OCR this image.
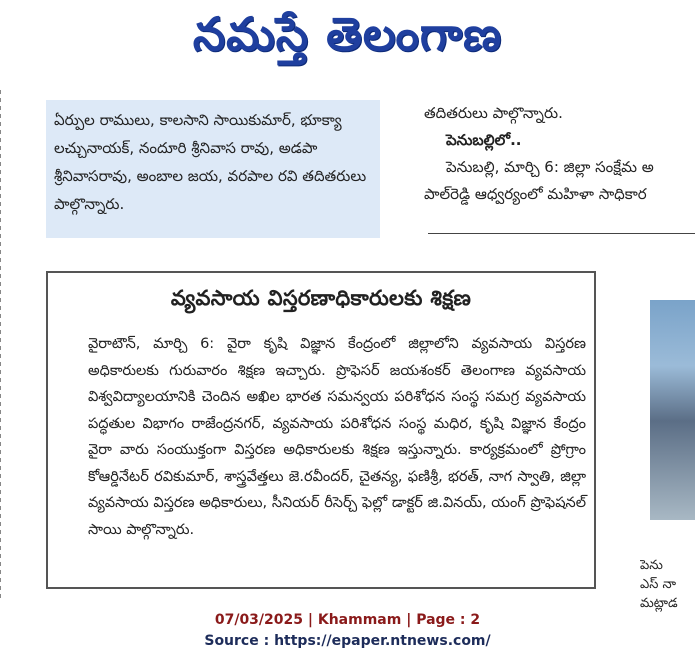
నమస్తే తెలంగాణ
ఏర్పుల రాములు, కాలసాని సాయికుమార్, భూక్యా లచ్చునాయక్, నందూరి శ్రీనివాస రావు, అడపా శ్రీనివాసరావు, అంబాల జయ, వరపాల రవి తదితరులు పాల్గొన్నారు.
తదితరులు పాల్గొన్నారు.
పెనుబల్లిలో..
పెనుబల్లి, మార్చి 6: జిల్లా సంక్షేమ అ
పాల్‌రెడ్డి ఆధ్వర్యంలో మహిళా సాధికార
వ్యవసాయ విస్తరణాధికారులకు శిక్షణ
వైరాటౌన్, మార్చి 6: వైరా కృషి విజ్ఞాన కేంద్రంలో జిల్లాలోని వ్యవసాయ విస్తరణ అధికారులకు గురువారం శిక్షణ ఇచ్చారు. ప్రొఫెసర్ జయశంకర్ తెలంగాణ వ్యవసాయ విశ్వవిద్యాలయానికి చెందిన అఖిల భారత సమన్వయ పరిశోధన సంస్థ సమగ్ర వ్యవసాయ పద్ధతుల విభాగం రాజేంద్రనగర్, వ్యవసాయ పరిశోధన సంస్థ మధిర, కృషి విజ్ఞాన కేంద్రం వైరా వారు సంయుక్తంగా విస్తరణ అధికారులకు శిక్షణ ఇస్తున్నారు. కార్యక్రమంలో ప్రోగ్రాం కోఆర్డినేటర్ రవికుమార్, శాస్త్రవేత్తలు జె.రవీందర్, చైతన్య, ఫణిశ్రీ, భరత్, నాగ స్వాతి, జిల్లా వ్యవసాయ విస్తరణ అధికారులు, సీనియర్ రీసెర్చ్ ఫెల్లో డాక్టర్ జి.వినయ్, యంగ్ ప్రొఫెషనల్ సాయి పాల్గొన్నారు.
పెను
ఎస్ నా
మట్లాడ
07/03/2025 | Khammam | Page : 2
Source : https://epaper.ntnews.com/
